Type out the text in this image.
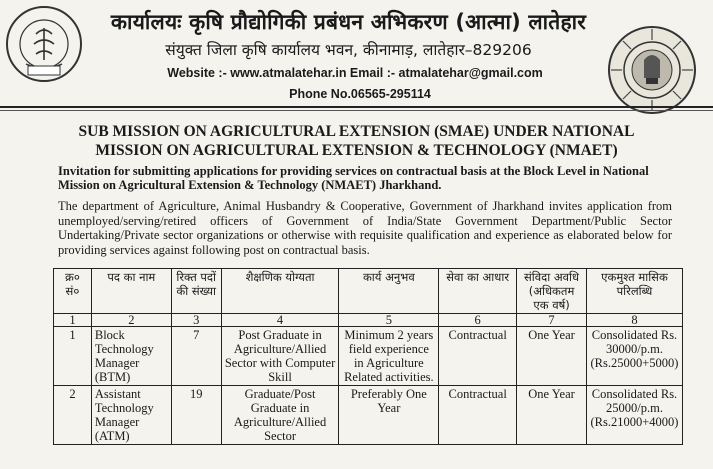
कार्यालयः कृषि प्रौद्योगिकी प्रबंधन अभिकरण (आत्मा) लातेहार
संयुक्त जिला कृषि कार्यालय भवन, कीनामाड़, लातेहार–829206
Website :- www.atmalatehar.in Email :- atmalatehar@gmail.com
Phone No.06565-295114
SUB MISSION ON AGRICULTURAL EXTENSION (SMAE) UNDER NATIONAL
MISSION ON AGRICULTURAL EXTENSION & TECHNOLOGY (NMAET)
Invitation for submitting applications for providing services on contractual basis at the Block Level in National Mission on Agricultural Extension & Technology (NMAET) Jharkhand.
The department of Agriculture, Animal Husbandry & Cooperative, Government of Jharkhand invites application from unemployed/serving/retired officers of Government of India/State Government Department/Public Sector Undertaking/Private sector organizations or otherwise with requisite qualification and experience as elaborated below for providing services against following post on contractual basis.
क्र० सं०	पद का नाम	रिक्त पदों की संख्या	शैक्षणिक योग्यता	कार्य अनुभव	सेवा का आधार	संविदा अवधि (अधिकतम एक वर्ष)	एकमुश्त मासिक परिलब्धि
1	2	3	4	5	6	7	8
1	Block Technology Manager (BTM)	7	Post Graduate in Agriculture/Allied Sector with Computer Skill	Minimum 2 years field experience in Agriculture Related activities.	Contractual	One Year	Consolidated Rs. 30000/p.m. (Rs.25000+5000)
2	Assistant Technology Manager (ATM)	19	Graduate/Post Graduate in Agriculture/Allied Sector	Preferably One Year	Contractual	One Year	Consolidated Rs. 25000/p.m. (Rs.21000+4000)
